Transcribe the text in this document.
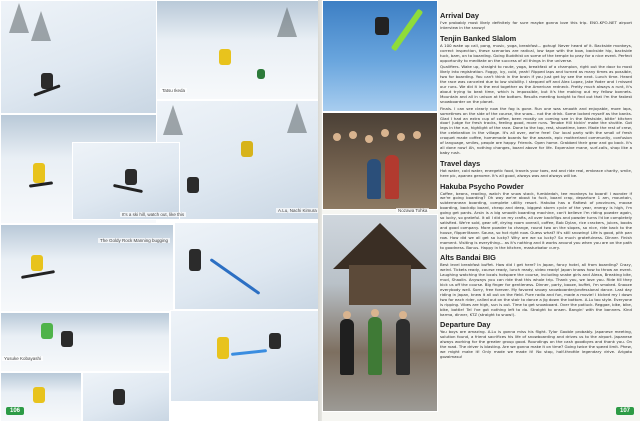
Tatsu Ikeda
A.Lu, Nachi Kimura
It's a ski hill, watch out, like this
The Goldy Rock Manning bugging
Yusuke Kobayashi
106
Nozawa Tohka
107
Arrival Day

I've probably most likely definitely for sure maybe gonna love this trip. ENO-KPO-NET airport interview in the snowy!

Tenjin Banked Slalom

A 100 wake up call, pong, music, yoga, breakfast... gohug! Never heard of it. Backside monkeys, correct inspection, these scenarios are radical, low tape with the bow, backside hip, backside tuck, bam, on to boarding. Going Buddhist on some of the temple to pray for a nice event. Perfect opportunity to meditate on the success of all things in the universe.

Qualifiers. Wake up, straight to route, yoga, breakfast of a champion, right out the door to most likely into registration. Foggy, icy, cold, yeah! Ripped laps and turned as many times as possible, two for boarding. You can't think in the brain if you just get by see the next. Lunch time. Heard the race was canceled due to low visibility. I stepped off and Alex Lopez, Jake Yoder and I missed our runs. We did it in the end together as the American redneck. Pretty much always a runt, it's about trying to beat time, which is impossible, but it's the making out my fellow bonnets. Mountain and all in unison at the bottom. Results meeting tonight to find out that I'm the fastest snowboarder on the planet.

Finals. I can see clearly now the fog is gone. Run one was smooth and enjoyable, more laps, sometimes on the side of the course, the snow... not the drink. Some locked myself as the banks. Glad I had an extra cup of coffee, been mostly on coming see in the Westside, bittie' kitchen door! Judge for fresh tracks, feeling good, more runs. Tenobe Hill kickin' make the shuttle. Got legs in the run, highlight of the race. Done to the top, rest, showtime, beer. Made the rest of crew, the celebration in the village. It's all over, we're free! Our local party with the small of fresh croquet made coffee, homemade boards for the awards, epic motherland community, confusion of language, smiles, people are happy. Friends. Open home. Grabbed their gear and go back. It's all done now! Ah, nothing changes, board above for life. Expensive mane, surf-calls, shop like a baby rush.

Travel days

Hot water, cold water, energetic food, travels your toes, eat and ride real, embrace charity, smile, here pic, apanex genome. It's all good, always was and always will be.

Hakuba Psycho Powder

Coffee, beans, reading, watch the snow stack, fumbledah, tee monkeys to board! I wonder if we're going boarding? Oh way we're about to fuck, board crap, departure 1 am, mountain, subterranean boarding, complete utility resort. Hakuba has a flattest of provinces, moose boarding, backdip board, cheap and deep, biggest storm cycle of the year, energy is high, I'm going get pants. Arsin is a big smooth boarding machine, can't believe I'm riding powder again, so lucky, so grateful. It all I did on my crafts, all over backflips and powder turns I'd be completely satisfied. We're sold, gear off, drying room overall, coffee, Bob Dylan, rice crackers, juices, books and good company. More powder to change, round two on the slopes, so nice, ride back to the house, flipperlitaver. Sauna, so hot right now. Guess what? It's still snowing! Life is good, pith pan row. How did we all get so lucky? Why are we so lucky? So much gratefulness. Dinner. Finish moment. Visiting is everything... as it's nothing and it works around you when you are on the path to goodness. Bonus. Happy in the kitchen, masturbator curry.

Alts Bandai BIG

Best level breakfast buffet. How did I get here? In Japan, fancy hotel, all from boarding? Crazy, weird. Tickets ready, course ready, lunch ready, video ready! Japan knows how to throw an event. Laughing watching the locals hotspare the course, including snake girls and Alexa, Breaking bite, mud, Shaolin. Anyways you can ride that this whole trip. Thank you, we love you. Ride till they kick us off the course. Big finger for gentleness. Dinner, party, booze, buffet, I'm smoked. Snooze everybody well. Sorry, free forever. My favored snowy snowboarder/professional dance. Last day riding in Japan, knew it all out on the field. Pure radio and fun, made a movie! I kicked my I down two for each rider, called out on the stair to dance a jig down the bottom. A.Lu too style. Everyone is ripping. Vibes are high, sun is out. Time to get snowboard. Over the potluck. Reggae, bike, bike, bike, bottle! Tel I've got nothing left to do. Straight to onsen. Bangin' with the banners. Kind karma, dinner, KTZ (straight to snow!).

Departure Day

You boys are amazing. A.Lu is gonna miss his flight. Tylor Gooble probably. Japanese meeting, solution found, a friend sacrifices his life of snowboarding and drives us to the airport. Japanese always working for the greater group good. Roundings on the cash goodbyes and thank you. On the road. The driver is blasting. Are we gonna make it on time? Going twice the speed limit. Phew, we might make it! Only made we made it! No stop, half-throttle legendary drive. Arigato gozaimasu!
